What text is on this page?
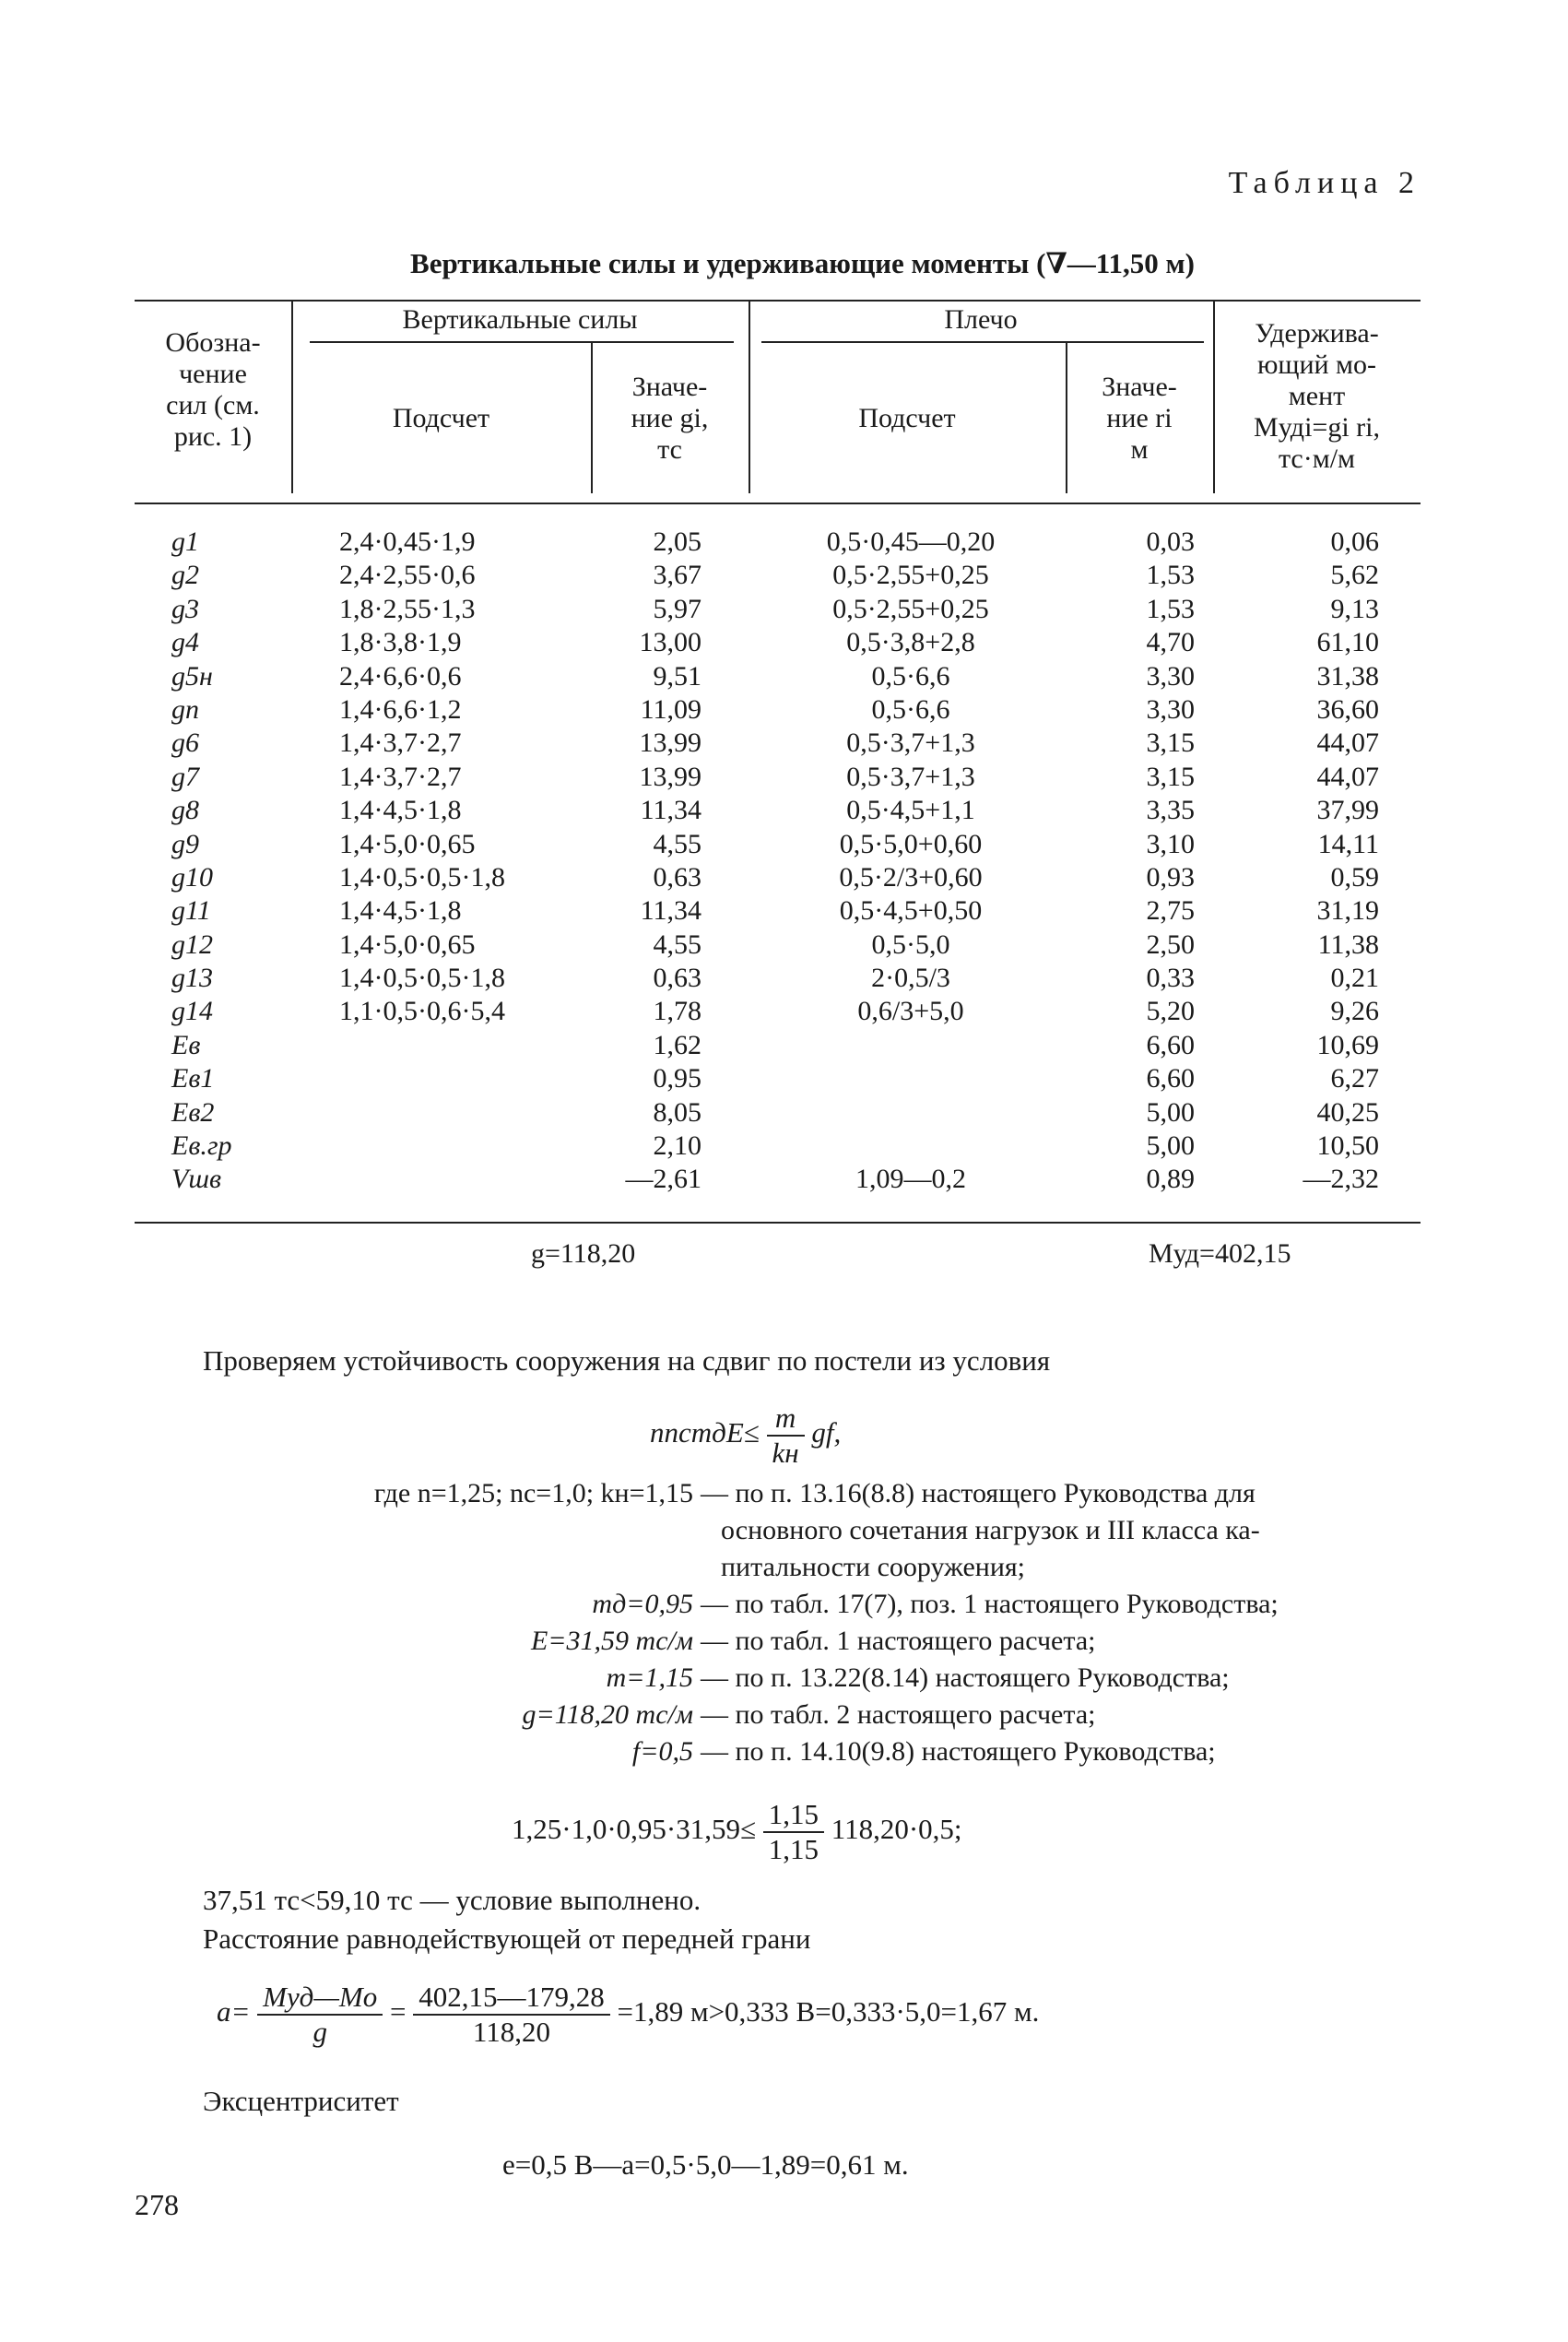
Таблица 2
Вертикальные силы и удерживающие моменты (∇—11,50 м)
Обозна-
чение
сил (см.
рис. 1)
Вертикальные силы	Плечо
Подсчет
Значе-
ние gi,
тс
Подсчет
Значе-
ние ri
м
Удержива-
ющий мо-
мент
Mудi=gi ri,
тс·м/м
g1
g2
g3
g4
g5н
gп
g6
g7
g8
g9
g10
g11
g12
g13
g14
Eв
Eв1
Eв2
Eв.гр
Vшв
2,4·0,45·1,9
2,4·2,55·0,6
1,8·2,55·1,3
1,8·3,8·1,9
2,4·6,6·0,6
1,4·6,6·1,2
1,4·3,7·2,7
1,4·3,7·2,7
1,4·4,5·1,8
1,4·5,0·0,65
1,4·0,5·0,5·1,8
1,4·4,5·1,8
1,4·5,0·0,65
1,4·0,5·0,5·1,8
1,1·0,5·0,6·5,4
2,05
3,67
5,97
13,00
9,51
11,09
13,99
13,99
11,34
4,55
0,63
11,34
4,55
0,63
1,78
1,62
0,95
8,05
2,10
—2,61
0,5·0,45—0,20
0,5·2,55+0,25
0,5·2,55+0,25
0,5·3,8+2,8
0,5·6,6
0,5·6,6
0,5·3,7+1,3
0,5·3,7+1,3
0,5·4,5+1,1
0,5·5,0+0,60
0,5·2/3+0,60
0,5·4,5+0,50
0,5·5,0
2·0,5/3
0,6/3+5,0
1,09—0,2
0,03
1,53
1,53
4,70
3,30
3,30
3,15
3,15
3,35
3,10
0,93
2,75
2,50
0,33
5,20
6,60
6,60
5,00
5,00
0,89
0,06
5,62
9,13
61,10
31,38
36,60
44,07
44,07
37,99
14,11
0,59
31,19
11,38
0,21
9,26
10,69
6,27
40,25
10,50
—2,32
g=118,20	Mуд=402,15
Проверяем устойчивость сооружения на сдвиг по постели из условия
nncmдE≤ $\frac{m}{kн}$ gf,
где n=1,25; nc=1,0; kн=1,15 — по п. 13.16(8.8) настоящего Руководства для
основного сочетания нагрузок и III класса ка-
питальности сооружения;
mд=0,95 — по табл. 17(7), поз. 1 настоящего Руководства;
E=31,59 тс/м — по табл. 1 настоящего расчета;
m=1,15 — по п. 13.22(8.14) настоящего Руководства;
g=118,20 тс/м — по табл. 2 настоящего расчета;
f=0,5 — по п. 14.10(9.8) настоящего Руководства;
$1,25\cdot 1,0\cdot 0,95\cdot 31,59\le \frac{1,15}{1,15} 118,20\cdot 0,5$;
37,51 тс<59,10 тс — условие выполнено.
Расстояние равнодействующей от передней грани
$a= \frac{\text{Mуд—Mo}}{g} = \frac{402,15—179,28}{118,20} =1,89$ м>0,333 B=0,333·5,0=1,67 м.
Эксцентриситет
e=0,5 B—a=0,5·5,0—1,89=0,61 м.
278
